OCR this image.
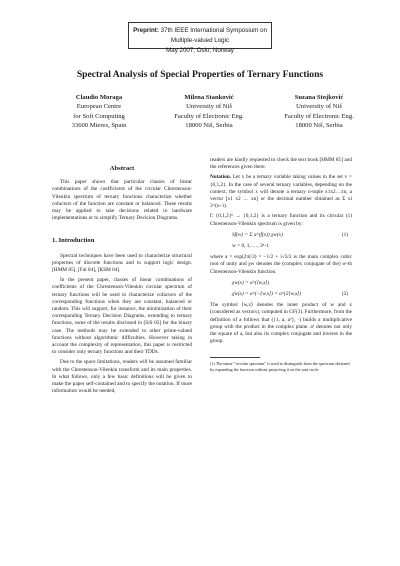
Preprint: 37th IEEE International Symposium on Multiple-valued Logic
May 2007, Oslo, Norway
Spectral Analysis of Special Properties of Ternary Functions
Claudio Moraga
European Centre
for Soft Computing
33600 Mieres, Spain
Milena Stanković
University of Niš
Faculty of Electronic Eng.
18000 Niš, Serbia
Suzana Stojković
University of Niš
Faculty of Electronic Eng.
18000 Niš, Serbia
Abstract

This paper shows that particular classes of linear combinations of the coefficients of the circular Chrestenson-Vilenkin spectrum of ternary functions characterize whether cofactors of the function are constant or balanced. These results may be applied to take decisions related to hardware implementations or to simplify Ternary Decision Diagrams.

1. Introduction

Spectral techniques have been used to characterize structural properties of discrete functions and to support logic design. [HMM 85], [Fal 04], [KSM 04].

In the present paper, classes of linear combinations of coefficients of the Chrestenson-Vilenkin circular spectrum of ternary functions will be used to characterize cofactors of the corresponding functions when they are constant, balanced or random. This will support, for instance, the minimization of their corresponding Ternary Decision Diagrams, extending to ternary functions, some of the results disclosed in [SiS 05] for the binary case. The methods may be extended to other prime-valued functions without algorithmic difficulties. However taking in account the complexity of representation, this paper is restricted to consider only ternary functions and their TDDs.

Due to the space limitations, readers will be assumed familiar with the Chrestenson-Vilenkin transform and its main properties. In what follows, only a few basic definitions will be given to make the paper self-contained and to specify the notation. If more information would be needed,

readers are kindly requested to check the text book [HMM 85] and the references given there.

Notation. Let x be a ternary variable taking values in the set v = {0,1,2}. In the case of several ternary variables, depending on the context, the symbol x will denote a ternary n-tuple x1x2…xn, a vector [x1 x2 … xn] or the decimal number obtained as Σ xi 3^(n−i).

f: {0,1,2}ⁿ → {0,1,2} is a ternary function and its circular (1) Chrestenson-Vilenkin spectrum is given by:

Sf(w) = Σ a^(f(x)) χw(x)	(1)
w = 0, 1, …, 3ⁿ-1

where a = exp(2πi/3) = −1/2 + i√3/2 is the main complex cubic root of unity and χw denotes the (complex conjugate of the) w-th Chrestenson-Vilenkin function.

χw(x) = a^(⟨w,x⟩)
χ̄w(x) = a^(−⟨w,x⟩) = a^(2⟨w,x⟩)	(2)

The symbol ⟨w,x⟩ denotes the inner product of w and x (considered as vectors), computed in GF(3). Furthermore, from the definition of a follows that ({1, a, a²}, ·) builds a multiplicative group with the product in the complex plane. a² denotes not only the square of a, but also its complex conjugate and inverse in the group.

(1) The name "circular spectrum" is used to distinguish from the spectrum obtained by expanding the function without projecting it on the unit circle.
